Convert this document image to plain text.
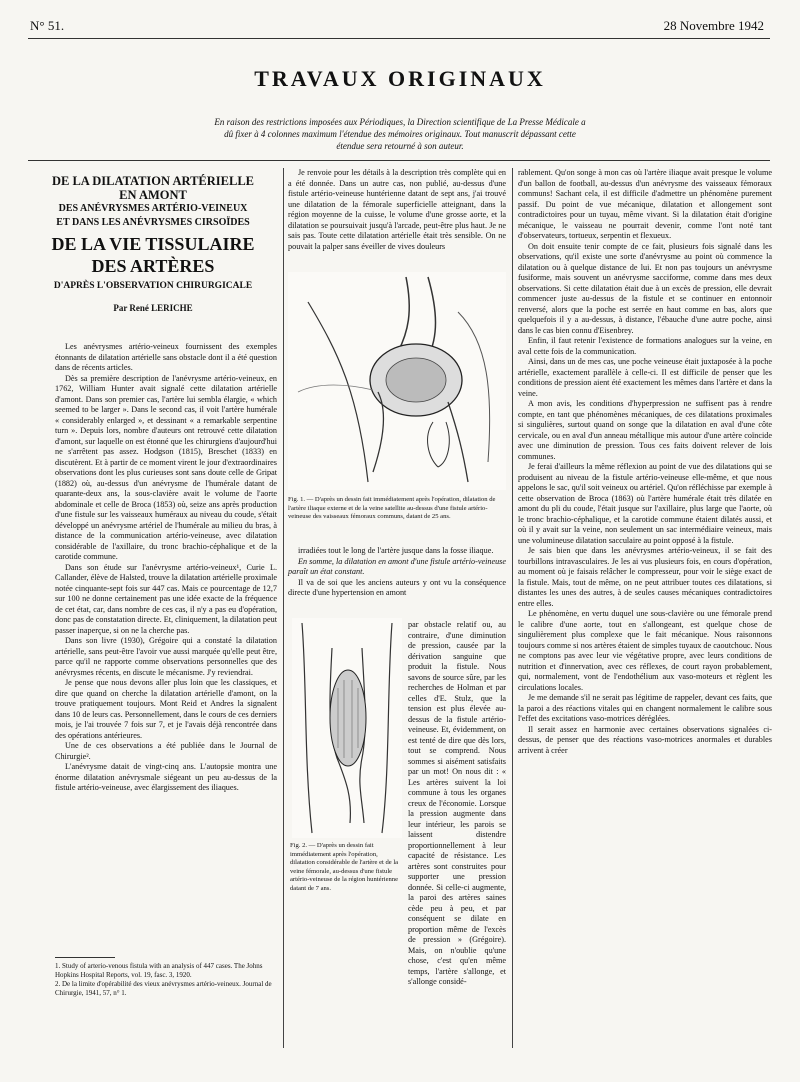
N° 51.	28 Novembre 1942
TRAVAUX ORIGINAUX
En raison des restrictions imposées aux Périodiques, la Direction scientifique de La Presse Médicale a dû fixer à 4 colonnes maximum l'étendue des mémoires originaux. Tout manuscrit dépassant cette étendue sera retourné à son auteur.
DE LA DILATATION ARTÉRIELLE
EN AMONT
DES ANÉVRYSMES ARTÉRIO-VEINEUX
ET DANS LES ANÉVRYSMES CIRSOÏDES
DE LA VIE TISSULAIRE
DES ARTÈRES
D'APRÈS L'OBSERVATION CHIRURGICALE
Par René LERICHE

Les anévrysmes artério-veineux fournissent des exemples étonnants de dilatation artérielle sans obstacle dont il a été question dans de récents articles.

Dès sa première description de l'anévrysme artério-veineux, en 1762, William Hunter avait signalé cette dilatation artérielle d'amont. Dans son premier cas, l'artère lui sembla élargie, « which seemed to be larger ». Dans le second cas, il voit l'artère humérale « considerably enlarged », et dessinant « a remarkable serpentine turn ». Depuis lors, nombre d'auteurs ont retrouvé cette dilatation d'amont, sur laquelle on est étonné que les chirurgiens d'aujourd'hui ne s'arrêtent pas assez. Hodgson (1815), Breschet (1833) en discutèrent. Et à partir de ce moment virent le jour d'extraordinaires observations dont les plus curieuses sont sans doute celle de Gripat (1882) où, au-dessus d'un anévrysme de l'humérale datant de quarante-deux ans, la sous-clavière avait le volume de l'aorte abdominale et celle de Broca (1853) où, seize ans après production d'une fistule sur les vaisseaux huméraux au niveau du coude, s'était développé un anévrysme artériel de l'humérale au milieu du bras, à distance de la communication artério-veineuse, avec dilatation considérable de l'axillaire, du tronc brachio-céphalique et de la carotide commune.

Dans son étude sur l'anévrysme artério-veineux¹, Curie L. Callander, élève de Halsted, trouve la dilatation artérielle proximale notée cinquante-sept fois sur 447 cas. Mais ce pourcentage de 12,7 sur 100 ne donne certainement pas une idée exacte de la fréquence de cet état, car, dans nombre de ces cas, il n'y a pas eu d'opération, donc pas de constatation directe. Et, cliniquement, la dilatation peut passer inaperçue, si on ne la cherche pas.

Dans son livre (1930), Grégoire qui a constaté la dilatation artérielle, sans peut-être l'avoir vue aussi marquée qu'elle peut être, parce qu'il ne rapporte comme observations personnelles que des anévrysmes récents, en discute le mécanisme. J'y reviendrai.

Je pense que nous devons aller plus loin que les classiques, et dire que quand on cherche la dilatation artérielle d'amont, on la trouve pratiquement toujours. Mont Reid et Andres la signalent dans 10 de leurs cas. Personnellement, dans le cours de ces derniers mois, je l'ai trouvée 7 fois sur 7, et je l'avais déjà rencontrée dans des opérations antérieures.

Une de ces observations a été publiée dans le Journal de Chirurgie².

L'anévrysme datait de vingt-cinq ans. L'autopsie montra une énorme dilatation anévrysmale siégeant un peu au-dessus de la fistule artério-veineuse, avec élargissement des iliaques.

1. Study of arterio-venous fistula with an analysis of 447 cases. The Johns Hopkins Hospital Reports, vol. 19, fasc. 3, 1920.
2. De la limite d'opérabilité des vieux anévrysmes artério-veineux. Journal de Chirurgie, 1941, 57, n° 1.

Je renvoie pour les détails à la description très complète qui en a été donnée. Dans un autre cas, non publié, au-dessus d'une fistule artério-veineuse huntérienne datant de sept ans, j'ai trouvé une dilatation de la fémorale superficielle atteignant, dans la région moyenne de la cuisse, le volume d'une grosse aorte, et la dilatation se poursuivait jusqu'à l'arcade, peut-être plus haut. Je ne sais pas. Toute cette dilatation artérielle était très sensible. On ne pouvait la palper sans éveiller de vives douleurs

Fig. 1. — D'après un dessin fait immédiatement après l'opération, dilatation de l'artère iliaque externe et de la veine satellite au-dessus d'une fistule artério-veineuse des vaisseaux fémoraux communs, datant de 25 ans.

irradiées tout le long de l'artère jusque dans la fosse iliaque.

En somme, la dilatation en amont d'une fistule artério-veineuse paraît un état constant.

Il va de soi que les anciens auteurs y ont vu la conséquence directe d'une hypertension en amont

Fig. 2. — D'après un dessin fait immédiatement après l'opération, dilatation considérable de l'artère et de la veine fémorale, au-dessus d'une fistule artério-veineuse de la région huntérienne datant de 7 ans.

par obstacle relatif ou, au contraire, d'une diminution de pression, causée par la dérivation sanguine que produit la fistule. Nous savons de source sûre, par les recherches de Holman et par celles d'E. Stulz, que la tension est plus élevée au-dessus de la fistule artério-veineuse. Et, évidemment, on est tenté de dire que dès lors, tout se comprend. Nous sommes si aisément satisfaits par un mot! On nous dit : « Les artères suivent la loi commune à tous les organes creux de l'économie. Lorsque la pression augmente dans leur intérieur, les parois se laissent distendre proportionnellement à leur capacité de résistance. Les artères sont construites pour supporter une pression donnée. Si celle-ci augmente, la paroi des artères saines cède peu à peu, et par conséquent se dilate en proportion même de l'excès de pression » (Grégoire). Mais, on n'oublie qu'une chose, c'est qu'en même temps, l'artère s'allonge, et s'allonge considé-

rablement. Qu'on songe à mon cas où l'artère iliaque avait presque le volume d'un ballon de football, au-dessus d'un anévrysme des vaisseaux fémoraux communs! Sachant cela, il est difficile d'admettre un phénomène purement passif. Du point de vue mécanique, dilatation et allongement sont contradictoires pour un tuyau, même vivant. Si la dilatation était d'origine mécanique, le vaisseau ne pourrait devenir, comme l'ont noté tant d'observateurs, tortueux, serpentin et flexueux.

On doit ensuite tenir compte de ce fait, plusieurs fois signalé dans les observations, qu'il existe une sorte d'anévrysme au point où commence la dilatation ou à quelque distance de lui. Et non pas toujours un anévrysme fusiforme, mais souvent un anévrysme sacciforme, comme dans mes deux observations. Si cette dilatation était due à un excès de pression, elle devrait commencer juste au-dessus de la fistule et se continuer en entonnoir renversé, alors que la poche est serrée en haut comme en bas, alors que quelquefois il y a au-dessus, à distance, l'ébauche d'une autre poche, ainsi dans le cas bien connu d'Eisenbrey.

Enfin, il faut retenir l'existence de formations analogues sur la veine, en aval cette fois de la communication.

Ainsi, dans un de mes cas, une poche veineuse était juxtaposée à la poche artérielle, exactement parallèle à celle-ci. Il est difficile de penser que les conditions de pression aient été exactement les mêmes dans l'artère et dans la veine.

A mon avis, les conditions d'hyperpression ne suffisent pas à rendre compte, en tant que phénomènes mécaniques, de ces dilatations proximales si singulières, surtout quand on songe que la dilatation en aval d'une côte cervicale, ou en aval d'un anneau métallique mis autour d'une artère coïncide avec une diminution de pression. Tous ces faits doivent relever de lois communes.

Je ferai d'ailleurs la même réflexion au point de vue des dilatations qui se produisent au niveau de la fistule artério-veineuse elle-même, et que nous appelons le sac, qu'il soit veineux ou artériel. Qu'on réfléchisse par exemple à cette observation de Broca (1863) où l'artère humérale était très dilatée en amont du pli du coude, l'était jusque sur l'axillaire, plus large que l'aorte, où le tronc brachio-céphalique, et la carotide commune étaient dilatés aussi, et où il y avait sur la veine, non seulement un sac intermédiaire veineux, mais une volumineuse dilatation sacculaire au point opposé à la fistule.

Je sais bien que dans les anévrysmes artério-veineux, il se fait des tourbillons intravasculaires. Je les ai vus plusieurs fois, en cours d'opération, au moment où je faisais relâcher le compresseur, pour voir le siège exact de la fistule. Mais, tout de même, on ne peut attribuer toutes ces dilatations, si distantes les unes des autres, à de seules causes mécaniques contradictoires entre elles.

Le phénomène, en vertu duquel une sous-clavière ou une fémorale prend le calibre d'une aorte, tout en s'allongeant, est quelque chose de singulièrement plus complexe que le fait mécanique. Nous raisonnons toujours comme si nos artères étaient de simples tuyaux de caoutchouc. Nous ne comptons pas avec leur vie végétative propre, avec leurs conditions de nutrition et d'innervation, avec ces réflexes, de court rayon probablement, qui, normalement, vont de l'endothélium aux vaso-moteurs et règlent les circulations locales.

Je me demande s'il ne serait pas légitime de rappeler, devant ces faits, que la paroi a des réactions vitales qui en changent normalement le calibre sous l'effet des excitations vaso-motrices déréglées.

Il serait assez en harmonie avec certaines observations signalées ci-dessus, de penser que des réactions vaso-motrices anormales et durables arrivent à créer
